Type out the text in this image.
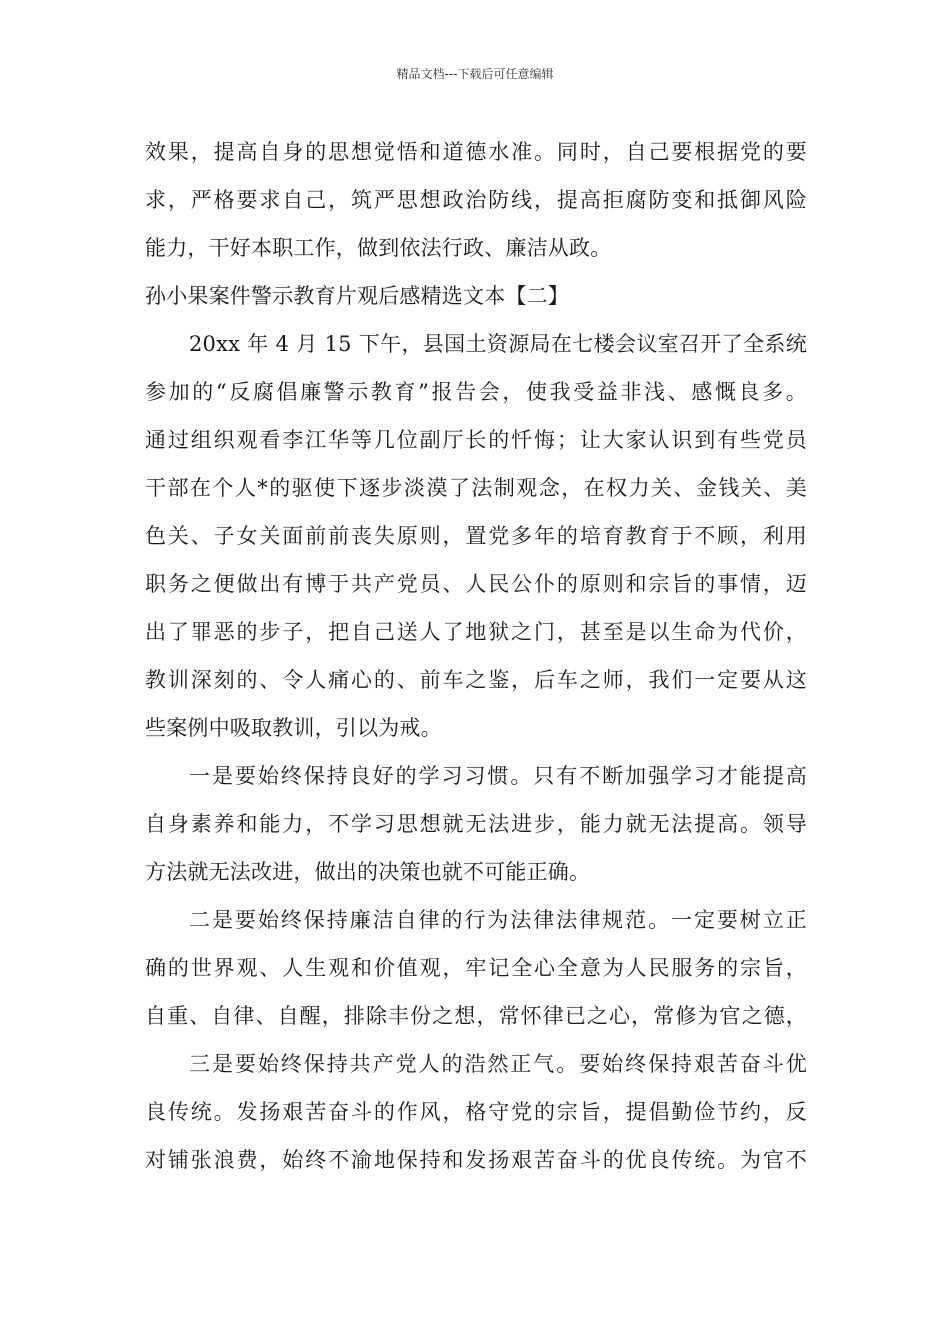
精品文档---下载后可任意编辑
效果，提高自身的思想觉悟和道德水准。同时，自己要根据党的要
求，严格要求自己，筑严思想政治防线，提高拒腐防变和抵御风险
能力，干好本职工作，做到依法行政、廉洁从政。
孙小果案件警示教育片观后感精选文本【二】
20xx 年 4 月 15 下午，县国土资源局在七楼会议室召开了全系统
参加的“反腐倡廉警示教育”报告会，使我受益非浅、感慨良多。
通过组织观看李江华等几位副厅长的忏悔；让大家认识到有些党员
干部在个人*的驱使下逐步淡漠了法制观念，在权力关、金钱关、美
色关、子女关面前前丧失原则，置党多年的培育教育于不顾，利用
职务之便做出有博于共产党员、人民公仆的原则和宗旨的事情，迈
出了罪恶的步子，把自己送人了地狱之门，甚至是以生命为代价，
教训深刻的、令人痛心的、前车之鉴，后车之师，我们一定要从这
些案例中吸取教训，引以为戒。
一是要始终保持良好的学习习惯。只有不断加强学习才能提高
自身素养和能力，不学习思想就无法进步，能力就无法提高。领导
方法就无法改进，做出的决策也就不可能正确。
二是要始终保持廉洁自律的行为法律法律规范。一定要树立正
确的世界观、人生观和价值观，牢记全心全意为人民服务的宗旨，
自重、自律、自醒，排除丰份之想，常怀律已之心，常修为官之德，
三是要始终保持共产党人的浩然正气。要始终保持艰苦奋斗优
良传统。发扬艰苦奋斗的作风，格守党的宗旨，提倡勤俭节约，反
对铺张浪费，始终不渝地保持和发扬艰苦奋斗的优良传统。为官不
